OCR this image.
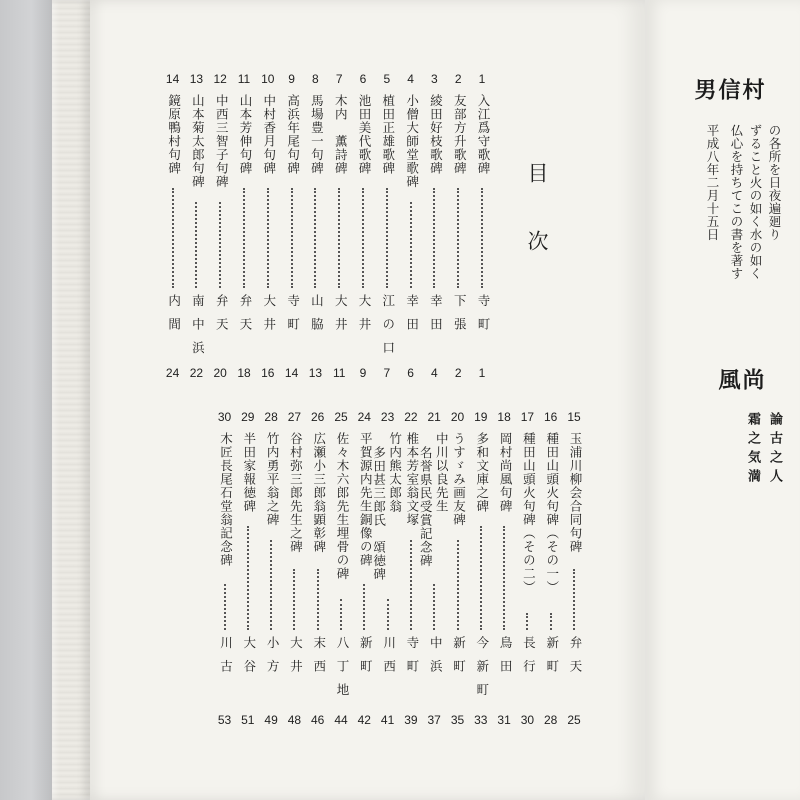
目
次
1
入江爲守歌碑
寺町
1
2
友部方升歌碑
下張
2
3
綾田好枝歌碑
幸田
4
4
小僧大師堂歌碑
幸田
6
5
植田正雄歌碑
江の口
7
6
池田美代歌碑
大井
9
7
木内　薫詩碑
大井
11
8
馬場豊一句碑
山脇
13
9
高浜年尾句碑
寺町
14
10
中村香月句碑
大井
16
11
山本芳伸句碑
弁天
18
12
中西三智子句碑
弁天
20
13
山本菊太郎句碑
南中浜
22
14
鏡原鴨村句碑
内間
24
15
玉浦川柳会合同句碑
弁天
25
16
種田山頭火句碑（その一）
新町
28
17
種田山頭火句碑（その二）
長行
30
18
岡村尚風句碑
鳥田
31
19
多和文庫之碑
今新町
33
20
うすゞみ画友碑
新町
35
21
中川以良先生
名誉県民受賞記念碑
中浜
37
22
椎本芳室翁文塚
寺町
39
23
竹内熊太郎翁
多田甚三郎氏　頌徳碑
川西
41
24
平賀源内先生銅像の碑
新町
42
25
佐々木六郎先生埋骨の碑
八丁地
44
26
広瀬小三郎翁顕彰碑
末西
46
27
谷村弥三郎先生之碑
大井
48
28
竹内勇平翁之碑
小方
49
29
半田家報徳碑
大谷
51
30
木匠長尾石堂翁記念碑
川古
53
村
信
男
の各所を日夜遍廻り
ずること火の如く水の如く
仏心を持ちてこの書を著す
平成八年二月十五日
尚
風
論古之人
霜之気満
